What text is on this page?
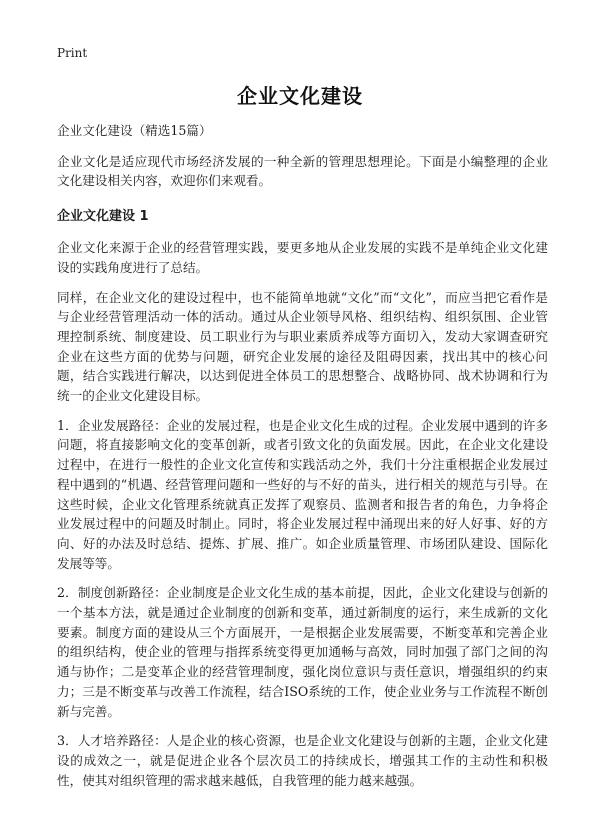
Print
企业文化建设
企业文化建设（精选15篇）
企业文化是适应现代市场经济发展的一种全新的管理思想理论。下面是小编整理的企业文化建设相关内容，欢迎你们来观看。
企业文化建设 1
企业文化来源于企业的经营管理实践，要更多地从企业发展的实践不是单纯企业文化建设的实践角度进行了总结。
同样，在企业文化的建设过程中，也不能简单地就“文化”而“文化”，而应当把它看作是与企业经营管理活动一体的活动。通过从企业领导风格、组织结构、组织氛围、企业管理控制系统、制度建设、员工职业行为与职业素质养成等方面切入，发动大家调查研究企业在这些方面的优势与问题，研究企业发展的途径及阻碍因素，找出其中的核心问题，结合实践进行解决，以达到促进全体员工的思想整合、战略协同、战术协调和行为统一的企业文化建设目标。
1．企业发展路径：企业的发展过程，也是企业文化生成的过程。企业发展中遇到的许多问题，将直接影响文化的变革创新，或者引致文化的负面发展。因此，在企业文化建设过程中，在进行一般性的企业文化宣传和实践活动之外，我们十分注重根据企业发展过程中遇到的“机遇、经营管理问题和一些好的与不好的苗头，进行相关的规范与引导。在这些时候，企业文化管理系统就真正发挥了观察员、监测者和报告者的角色，力争将企业发展过程中的问题及时制止。同时，将企业发展过程中涌现出来的好人好事、好的方向、好的办法及时总结、提炼、扩展、推广。如企业质量管理、市场团队建设、国际化发展等等。
2．制度创新路径：企业制度是企业文化生成的基本前提，因此，企业文化建设与创新的一个基本方法，就是通过企业制度的创新和变革，通过新制度的运行，来生成新的文化要素。制度方面的建设从三个方面展开，一是根据企业发展需要，不断变革和完善企业的组织结构，使企业的管理与指挥系统变得更加通畅与高效，同时加强了部门之间的沟通与协作；二是变革企业的经营管理制度，强化岗位意识与责任意识，增强组织的约束力；三是不断变革与改善工作流程，结合ISO系统的工作，使企业业务与工作流程不断创新与完善。
3．人才培养路径：人是企业的核心资源，也是企业文化建设与创新的主题，企业文化建设的成效之一，就是促进企业各个层次员工的持续成长，增强其工作的主动性和积极性，使其对组织管理的需求越来越低，自我管理的能力越来越强。
